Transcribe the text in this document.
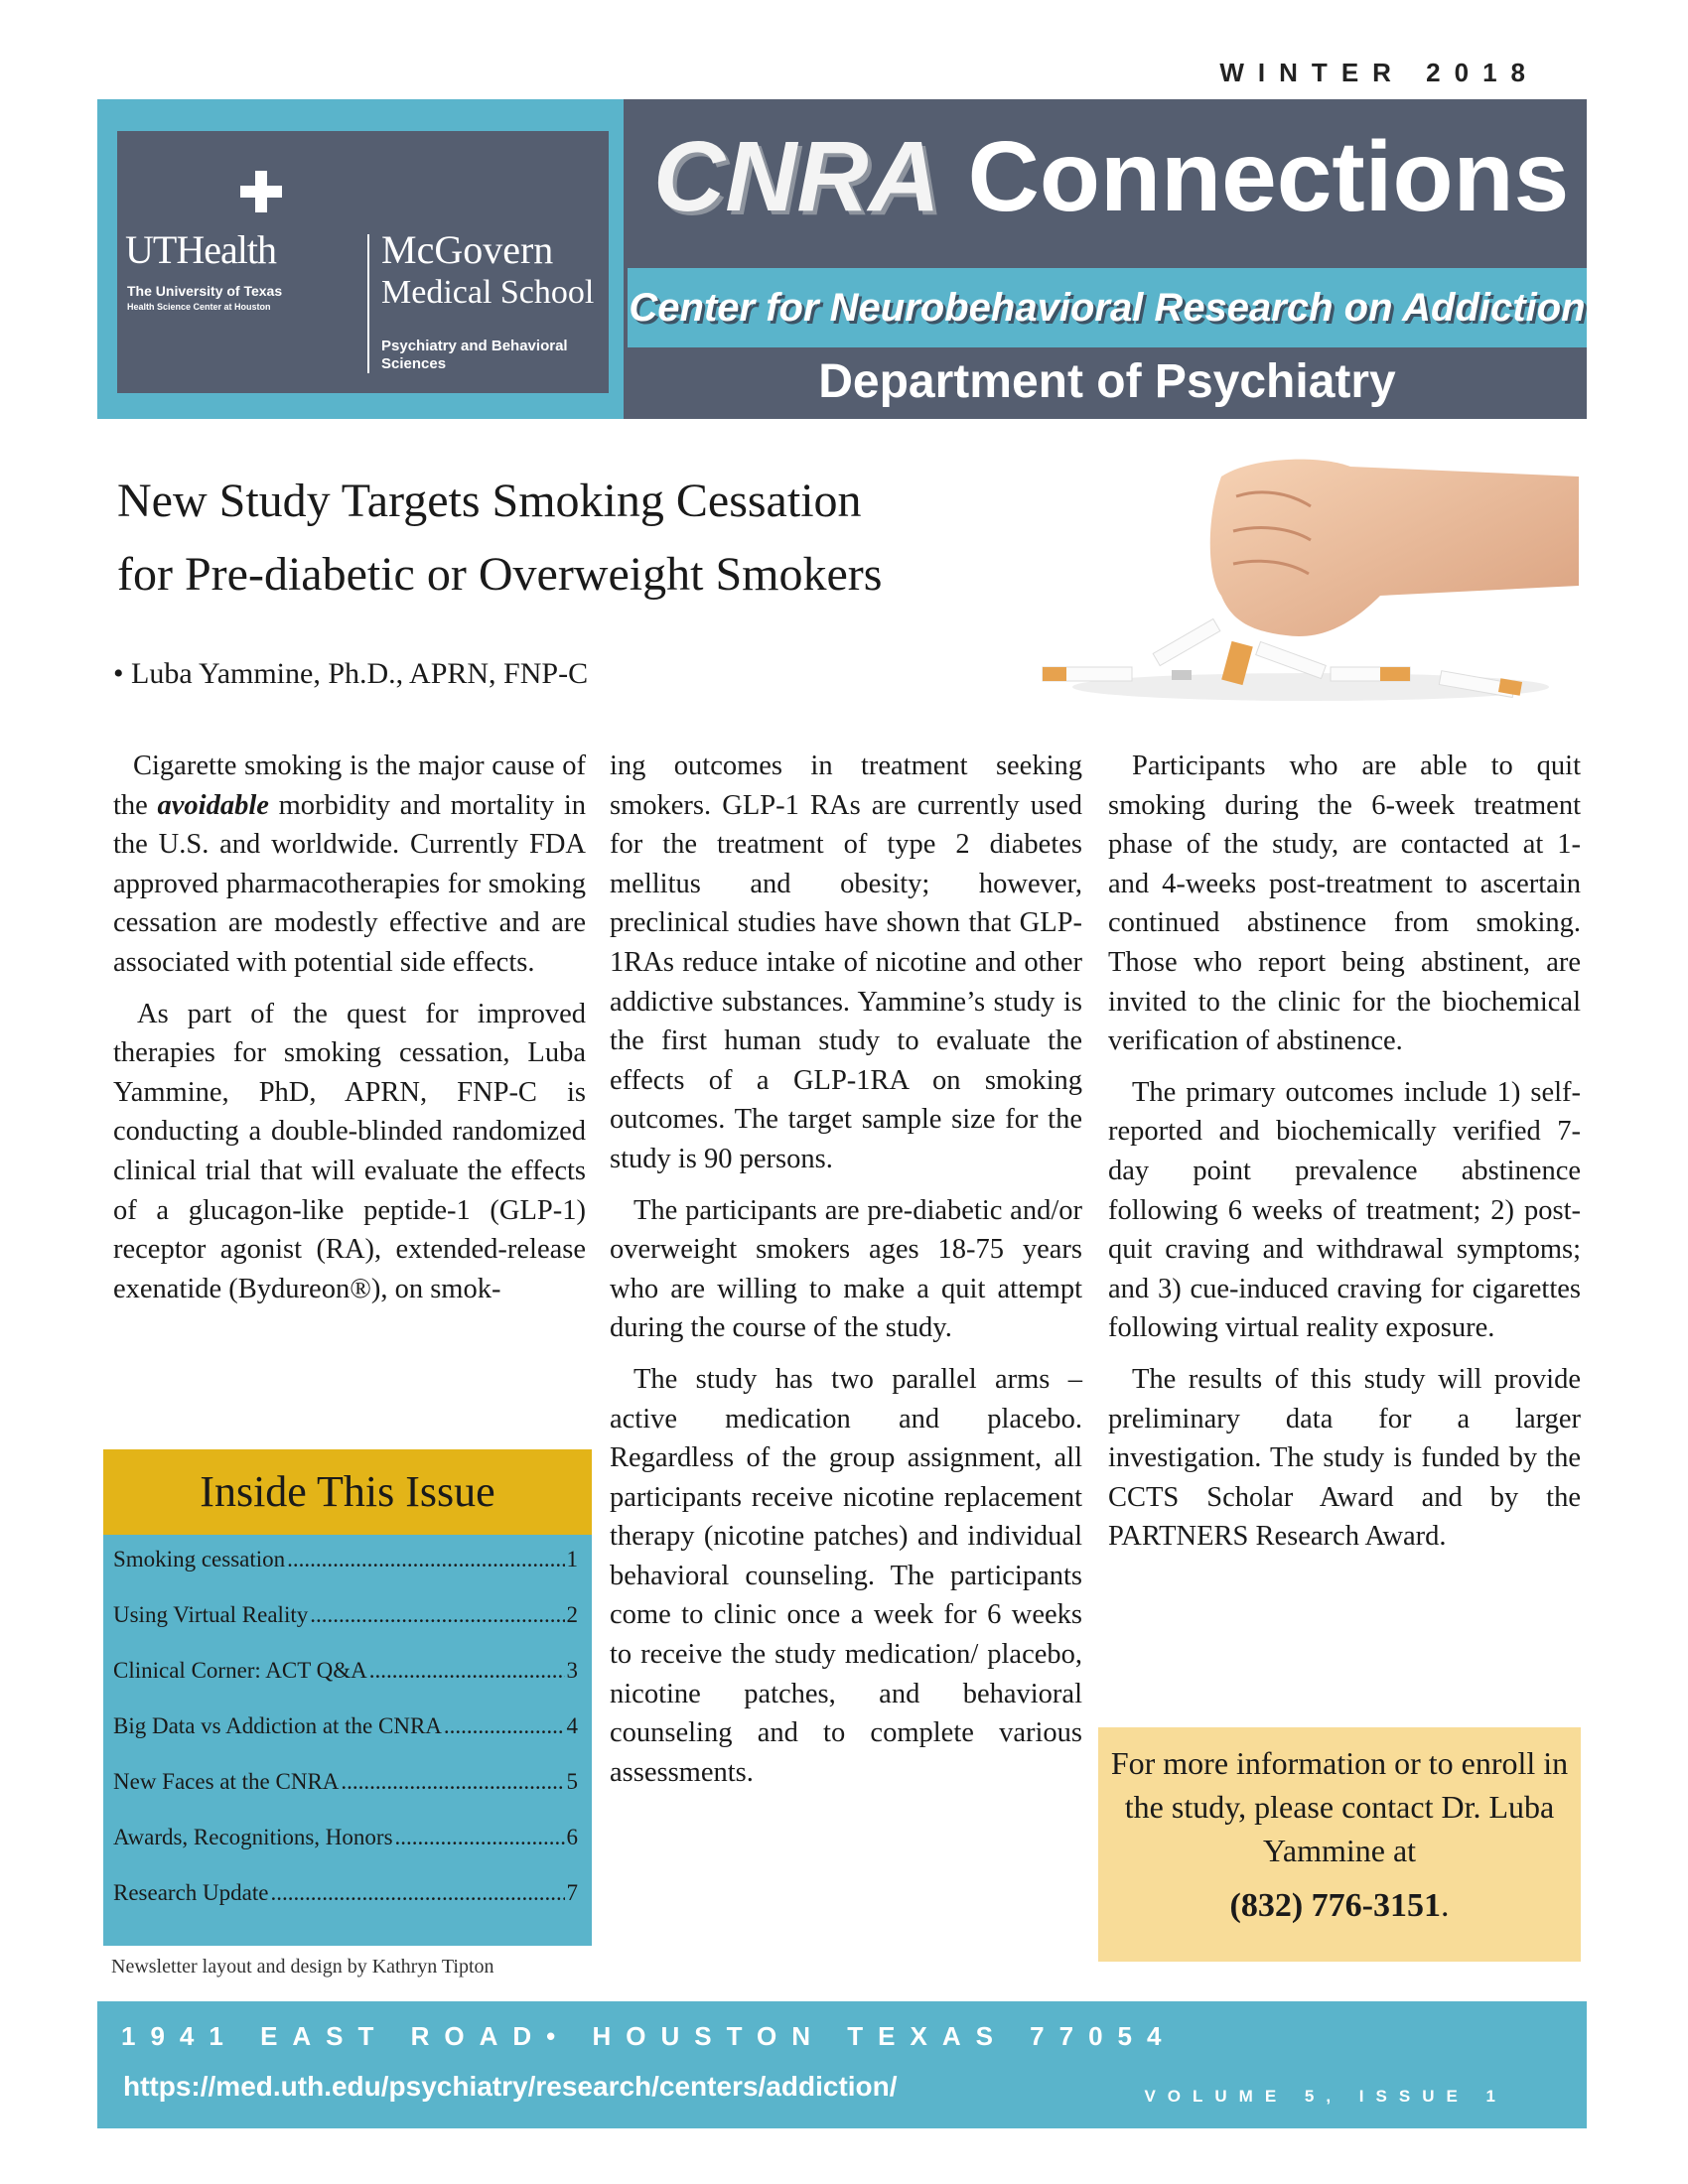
WINTER 2018
UTHealth
The University of Texas
Health Science Center at Houston
McGovern
Medical School
Psychiatry and Behavioral Sciences
CNRA Connections
Center for Neurobehavioral Research on Addiction
Department of Psychiatry
New Study Targets Smoking Cessation
for Pre-diabetic or Overweight Smokers
• Luba Yammine, Ph.D., APRN, FNP-C

Cigarette smoking is the major cause of the avoidable morbidity and mortality in the U.S. and worldwide. Currently FDA approved pharmacotherapies for smoking cessation are modestly effective and are associated with potential side effects.

As part of the quest for improved therapies for smoking cessation, Luba Yammine, PhD, APRN, FNP-C is conducting a double-blinded randomized clinical trial that will evaluate the effects of a glucagon-like peptide-1 (GLP-1) receptor agonist (RA), extended-release exenatide (Bydureon®), on smok-

ing outcomes in treatment seeking smokers. GLP-1 RAs are currently used for the treatment of type 2 diabetes mellitus and obesity; however, preclinical studies have shown that GLP-1RAs reduce intake of nicotine and other addictive substances. Yammine’s study is the first human study to evaluate the effects of a GLP-1RA on smoking outcomes. The target sample size for the study is 90 persons.

The participants are pre-diabetic and/or overweight smokers ages 18-75 years who are willing to make a quit attempt during the course of the study.

The study has two parallel arms – active medication and placebo. Regardless of the group assignment, all participants receive nicotine replacement therapy (nicotine patches) and individual behavioral counseling. The participants come to clinic once a week for 6 weeks to receive the study medication/ placebo, nicotine patches, and behavioral counseling and to complete various assessments.

Participants who are able to quit smoking during the 6-week treatment phase of the study, are contacted at 1- and 4-weeks post-treatment to ascertain continued abstinence from smoking. Those who report being abstinent, are invited to the clinic for the biochemical verification of abstinence.

The primary outcomes include 1) self-reported and biochemically verified 7-day point prevalence abstinence following 6 weeks of treatment; 2) post-quit craving and withdrawal symptoms; and 3) cue-induced craving for cigarettes following virtual reality exposure.

The results of this study will provide preliminary data for a larger investigation. The study is funded by the CCTS Scholar Award and by the PARTNERS Research Award.

Inside This Issue
Smoking cessation .....	1
Using Virtual Reality .....	2
Clinical Corner: ACT Q&A .....	3
Big Data vs Addiction at the CNRA .....	4
New Faces at the CNRA .....	5
Awards, Recognitions, Honors .....	6
Research Update .....	7
Newsletter layout and design by Kathryn Tipton
For more information or to enroll in the study, please contact Dr. Luba Yammine at
(832) 776-3151.
1941 EAST ROAD• HOUSTON TEXAS 77054
https://med.uth.edu/psychiatry/research/centers/addiction/	VOLUME 5, ISSUE 1
